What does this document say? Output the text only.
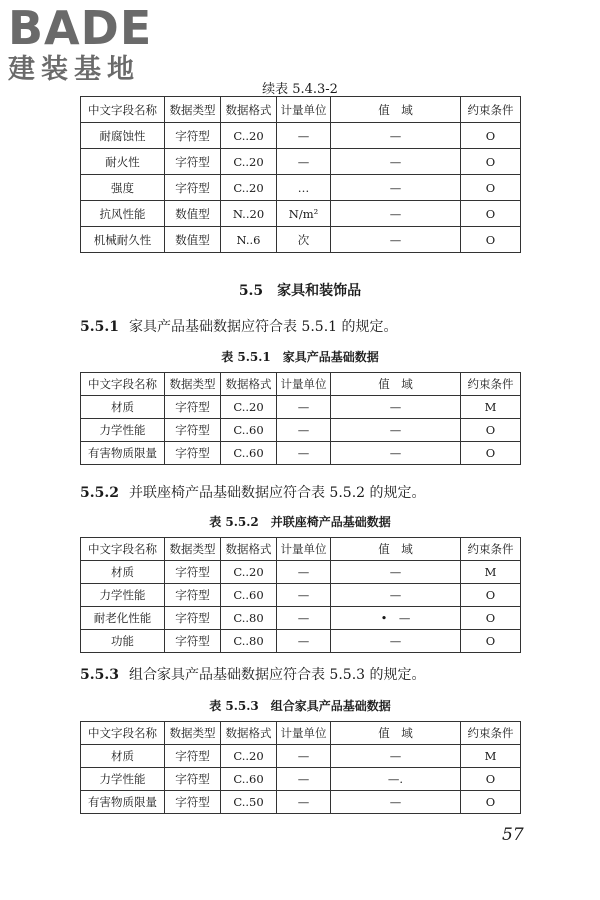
BADE
建装基地
续表 5.4.3-2
中文字段名称	数据类型	数据格式	计量单位	值　域	约束条件
耐腐蚀性	字符型	C..20	—	—	O
耐火性	字符型	C..20	—	—	O
强度	字符型	C..20	…	—	O
抗风性能	数值型	N..20	N/m²	—	O
机械耐久性	数值型	N..6	次	—	O
5.5　家具和装饰品
5.5.1 家具产品基础数据应符合表 5.5.1 的规定。
表 5.5.1　家具产品基础数据
中文字段名称	数据类型	数据格式	计量单位	值　域	约束条件
材质	字符型	C..20	—	—	M
力学性能	字符型	C..60	—	—	O
有害物质限量	字符型	C..60	—	—	O
5.5.2 并联座椅产品基础数据应符合表 5.5.2 的规定。
表 5.5.2　并联座椅产品基础数据
中文字段名称	数据类型	数据格式	计量单位	值　域	约束条件
材质	字符型	C..20	—	—	M
力学性能	字符型	C..60	—	—	O
耐老化性能	字符型	C..80	—	•　—	O
功能	字符型	C..80	—	—	O
5.5.3 组合家具产品基础数据应符合表 5.5.3 的规定。
表 5.5.3　组合家具产品基础数据
中文字段名称	数据类型	数据格式	计量单位	值　域	约束条件
材质	字符型	C..20	—	—	M
力学性能	字符型	C..60	—	—.	O
有害物质限量	字符型	C..50	—	—	O
57
